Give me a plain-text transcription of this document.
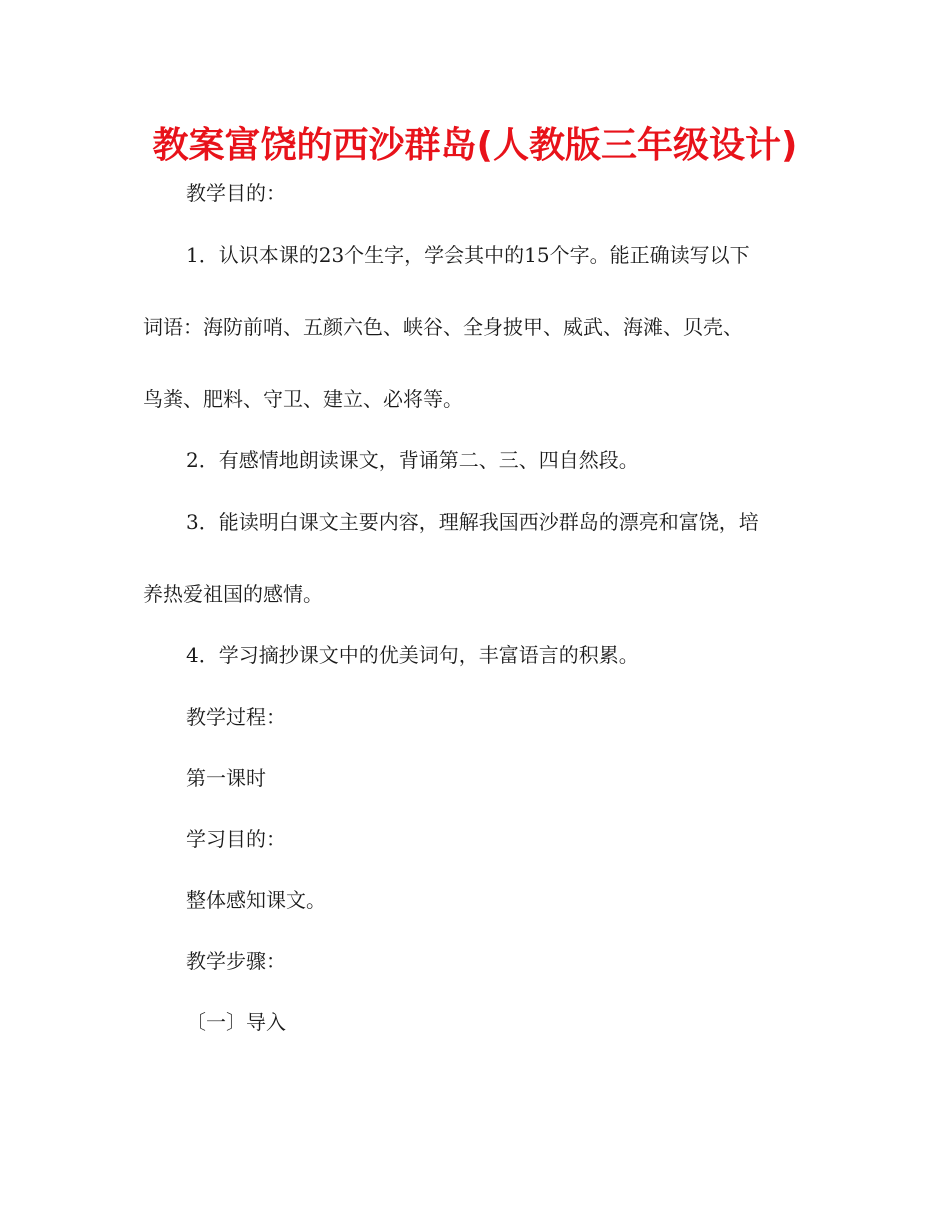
教案富饶的西沙群岛(人教版三年级设计)
教学目的：
1．认识本课的23个生字，学会其中的15个字。能正确读写以下
词语：海防前哨、五颜六色、峡谷、全身披甲、威武、海滩、贝壳、
鸟粪、肥料、守卫、建立、必将等。
2．有感情地朗读课文，背诵第二、三、四自然段。
3．能读明白课文主要内容，理解我国西沙群岛的漂亮和富饶，培
养热爱祖国的感情。
4．学习摘抄课文中的优美词句，丰富语言的积累。
教学过程：
第一课时
学习目的：
整体感知课文。
教学步骤：
〔一〕导入
